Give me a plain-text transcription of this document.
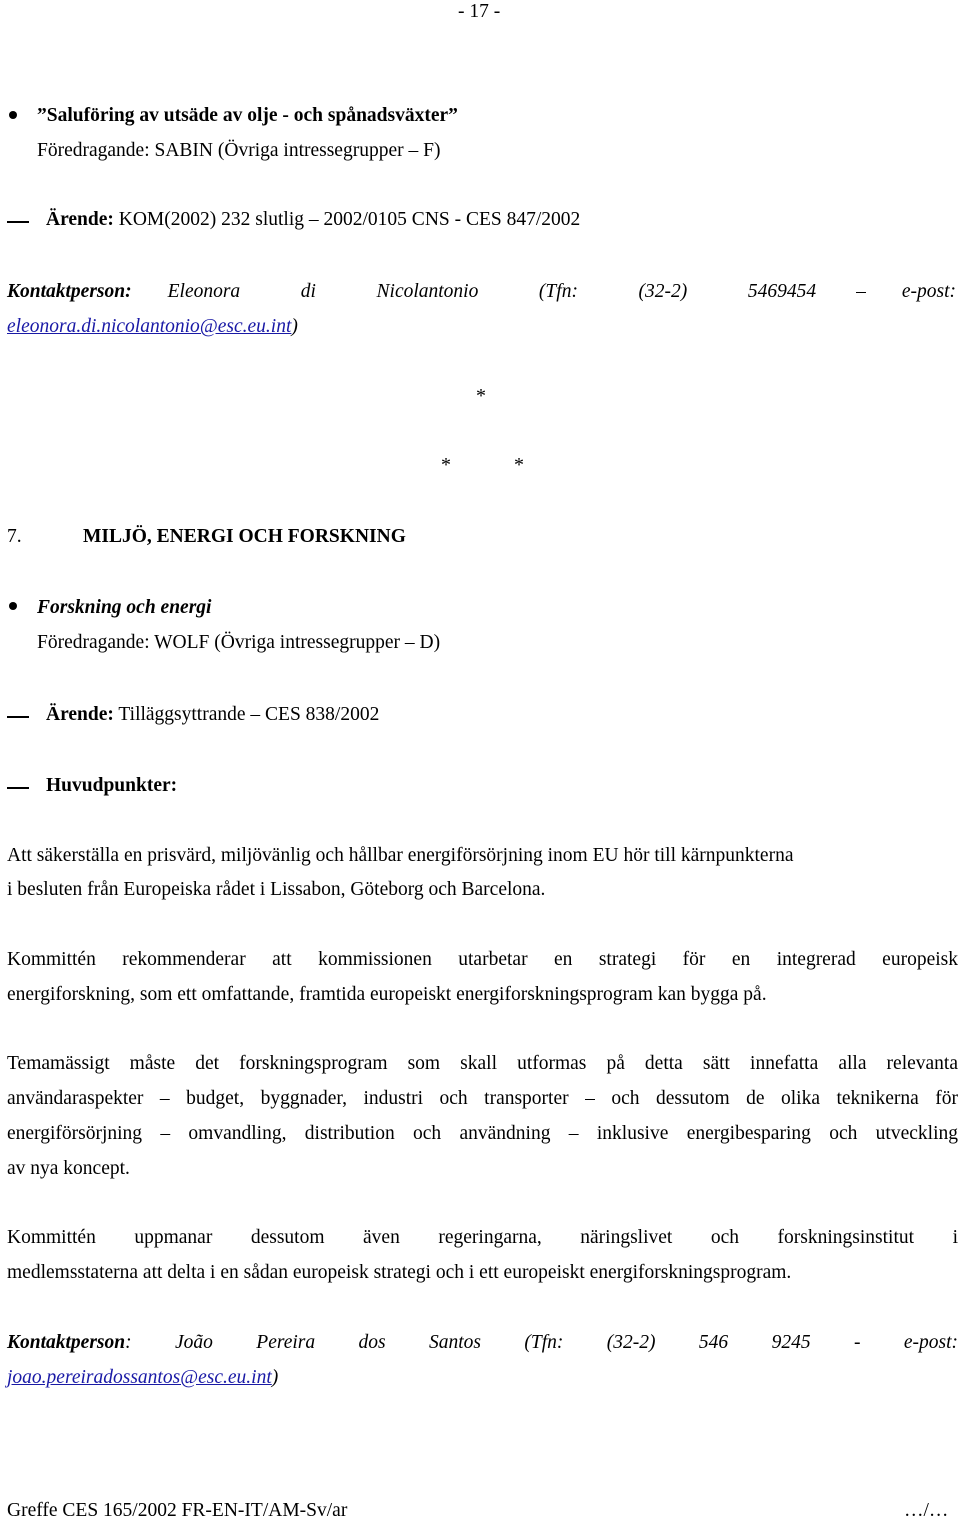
- 17 -
”Saluföring av utsäde av olje - och spånadsväxter”
Föredragande: SABIN (Övriga intressegrupper – F)
Ärende: KOM(2002) 232 slutlig – 2002/0105 CNS - CES 847/2002
Kontaktperson: Eleonora di Nicolantonio (Tfn: (32-2) 5469454 – e-post:
eleonora.di.nicolantonio@esc.eu.int)
*
*	*
7.	MILJÖ, ENERGI OCH FORSKNING
Forskning och energi
Föredragande: WOLF (Övriga intressegrupper – D)
Ärende: Tilläggsyttrande – CES 838/2002
Huvudpunkter:
Att säkerställa en prisvärd, miljövänlig och hållbar energiförsörjning inom EU hör till kärnpunkterna
i besluten från Europeiska rådet i Lissabon, Göteborg och Barcelona.
Kommittén rekommenderar att kommissionen utarbetar en strategi för en integrerad europeisk
energiforskning, som ett omfattande, framtida europeiskt energiforskningsprogram kan bygga på.
Temamässigt måste det forskningsprogram som skall utformas på detta sätt innefatta alla relevanta
användaraspekter – budget, byggnader, industri och transporter – och dessutom de olika teknikerna för
energiförsörjning – omvandling, distribution och användning – inklusive energibesparing och utveckling
av nya koncept.
Kommittén uppmanar dessutom även regeringarna, näringslivet och forskningsinstitut i
medlemsstaterna att delta i en sådan europeisk strategi och i ett europeiskt energiforskningsprogram.
Kontaktperson : João Pereira dos Santos (Tfn: (32-2) 546 9245 - e-post:
joao.pereiradossantos@esc.eu.int)
Greffe CES 165/2002 FR-EN-IT/AM-Sv/ar	…/…
